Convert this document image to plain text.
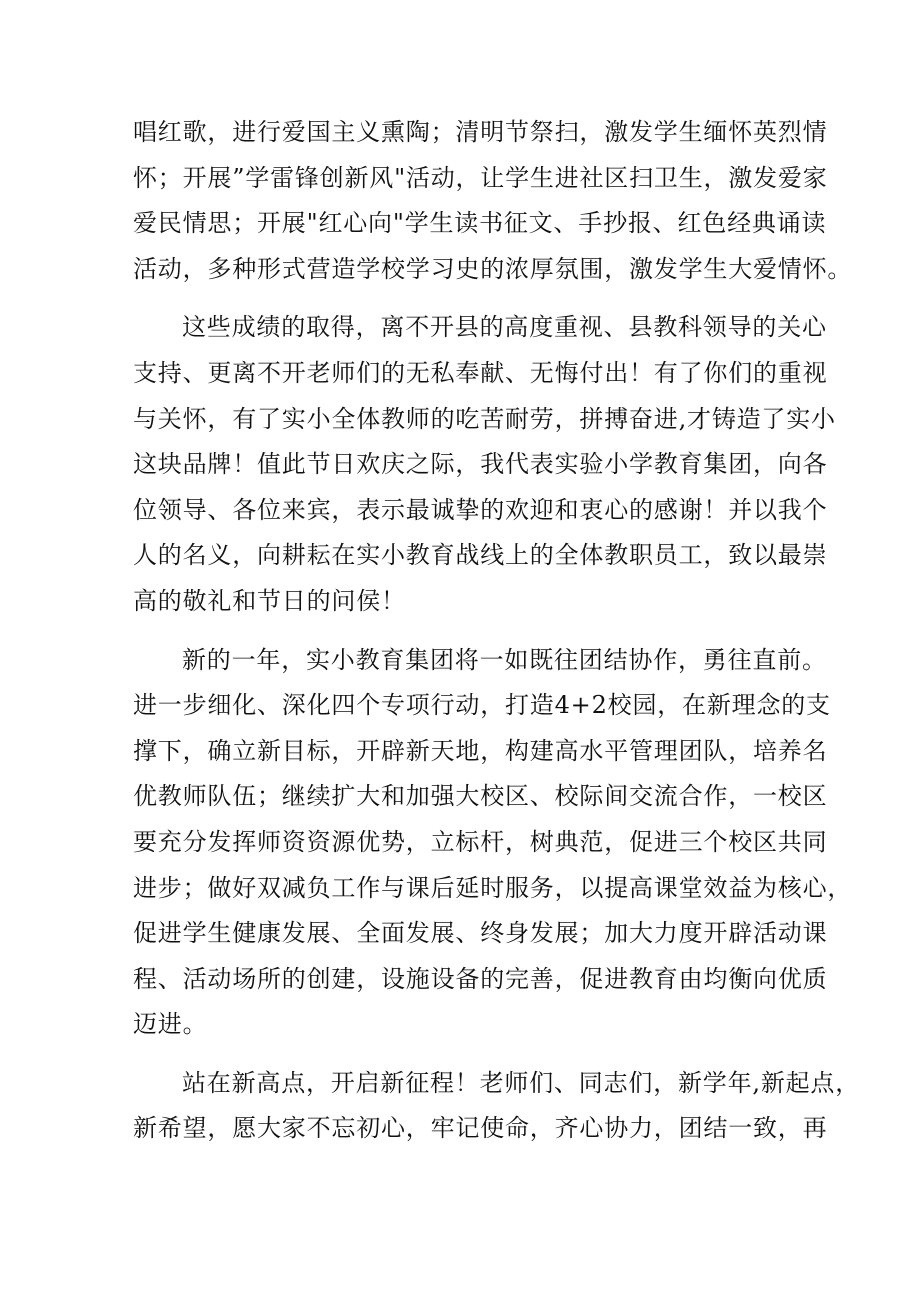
唱红歌，进行爱国主义熏陶；清明节祭扫，激发学生缅怀英烈情
怀；开展”学雷锋创新风"活动，让学生进社区扫卫生，激发爱家
爱民情思；开展"红心向"学生读书征文、手抄报、红色经典诵读
活动，多种形式营造学校学习史的浓厚氛围，激发学生大爱情怀。
这些成绩的取得，离不开县的高度重视、县教科领导的关心
支持、更离不开老师们的无私奉献、无悔付出！有了你们的重视
与关怀，有了实小全体教师的吃苦耐劳，拼搏奋进,才铸造了实小
这块品牌！值此节日欢庆之际，我代表实验小学教育集团，向各
位领导、各位来宾，表示最诚挚的欢迎和衷心的感谢！并以我个
人的名义，向耕耘在实小教育战线上的全体教职员工，致以最崇
高的敬礼和节日的问侯！
新的一年，实小教育集团将一如既往团结协作，勇往直前。
进一步细化、深化四个专项行动，打造4+2校园，在新理念的支
撑下，确立新目标，开辟新天地，构建高水平管理团队，培养名
优教师队伍；继续扩大和加强大校区、校际间交流合作，一校区
要充分发挥师资资源优势，立标杆，树典范，促进三个校区共同
进步；做好双减负工作与课后延时服务，以提高课堂效益为核心，
促进学生健康发展、全面发展、终身发展；加大力度开辟活动课
程、活动场所的创建，设施设备的完善，促进教育由均衡向优质
迈进。
站在新高点，开启新征程！老师们、同志们，新学年,新起点，
新希望，愿大家不忘初心，牢记使命，齐心协力，团结一致，再
